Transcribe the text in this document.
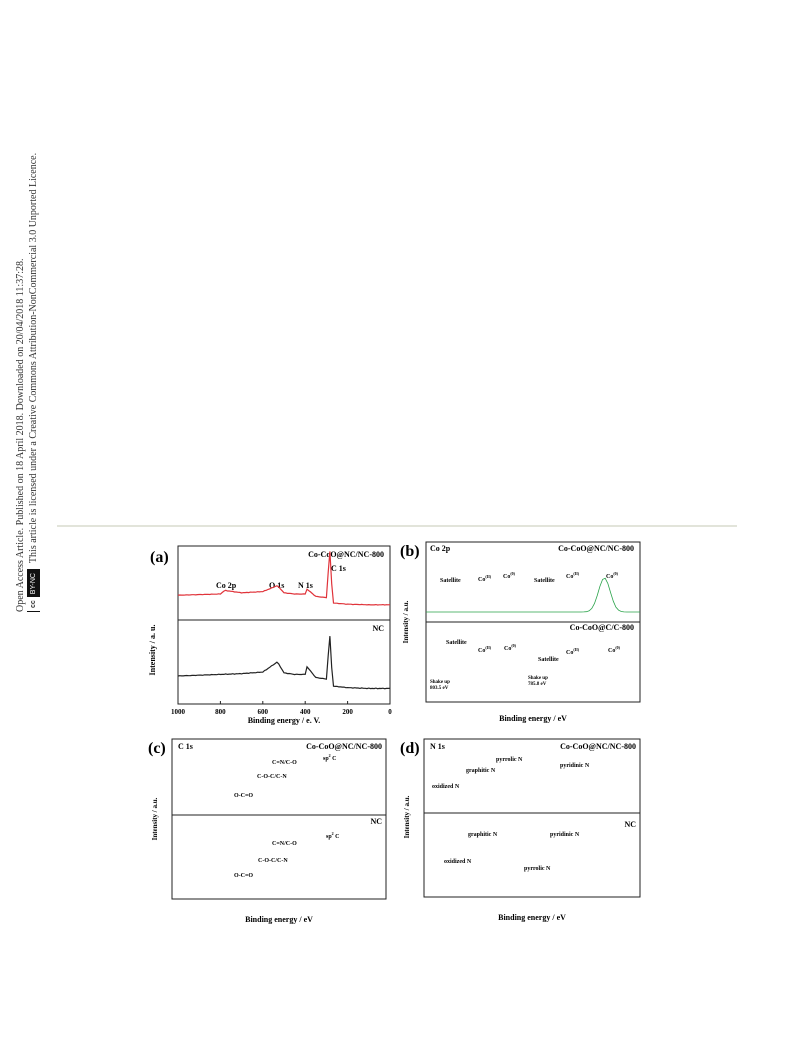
Open Access Article. Published on 18 April 2018. Downloaded on 20/04/2018 11:37:28. cc
BY-NC
This article is licensed under a Creative Commons Attribution-NonCommercial 3.0 Unported Licence.	(a)	Co-CoO@NC/NC-800
NC
Co 2p	O 1s N 1s
C 1s
1000	800	600	400	200	0
Intensity / a. u.
Binding energy / e. V.
(b) Co 2p	Co-CoO@NC/NC-800
Co-CoO@C/C-800
Satellite	Satellite
$Co^{(II)}$ Co$^{(0)}$
$Co^{(II)}$
Co$^{(0)}$
Satellite
Satellite
$Co^{(II)}$ Co$^{(0)}$
$Co^{(II)}$	Co$^{(0)}$
Shake up
803.5 eV
Shake up
785.8 eV
Intensity / a.u.
Binding energy / eV
(c) C 1s	Co-CoO@NC/NC-800
NC
O-C=O
C-O-C/C-N
C=N/C-O
$sp^2$ C
O-C=O
C-O-C/C-N
C=N/C-O
$sp^2$ C
Intensity / a.u.
Binding energy / eV
(d) N 1s	Co-CoO@NC/NC-800
NC
oxidized N
graphitic N
pyrrolic N
pyridinic N
oxidized N
graphitic N
pyrrolic N
pyridinic N
Intensity / a.u.
Binding energy / eV
